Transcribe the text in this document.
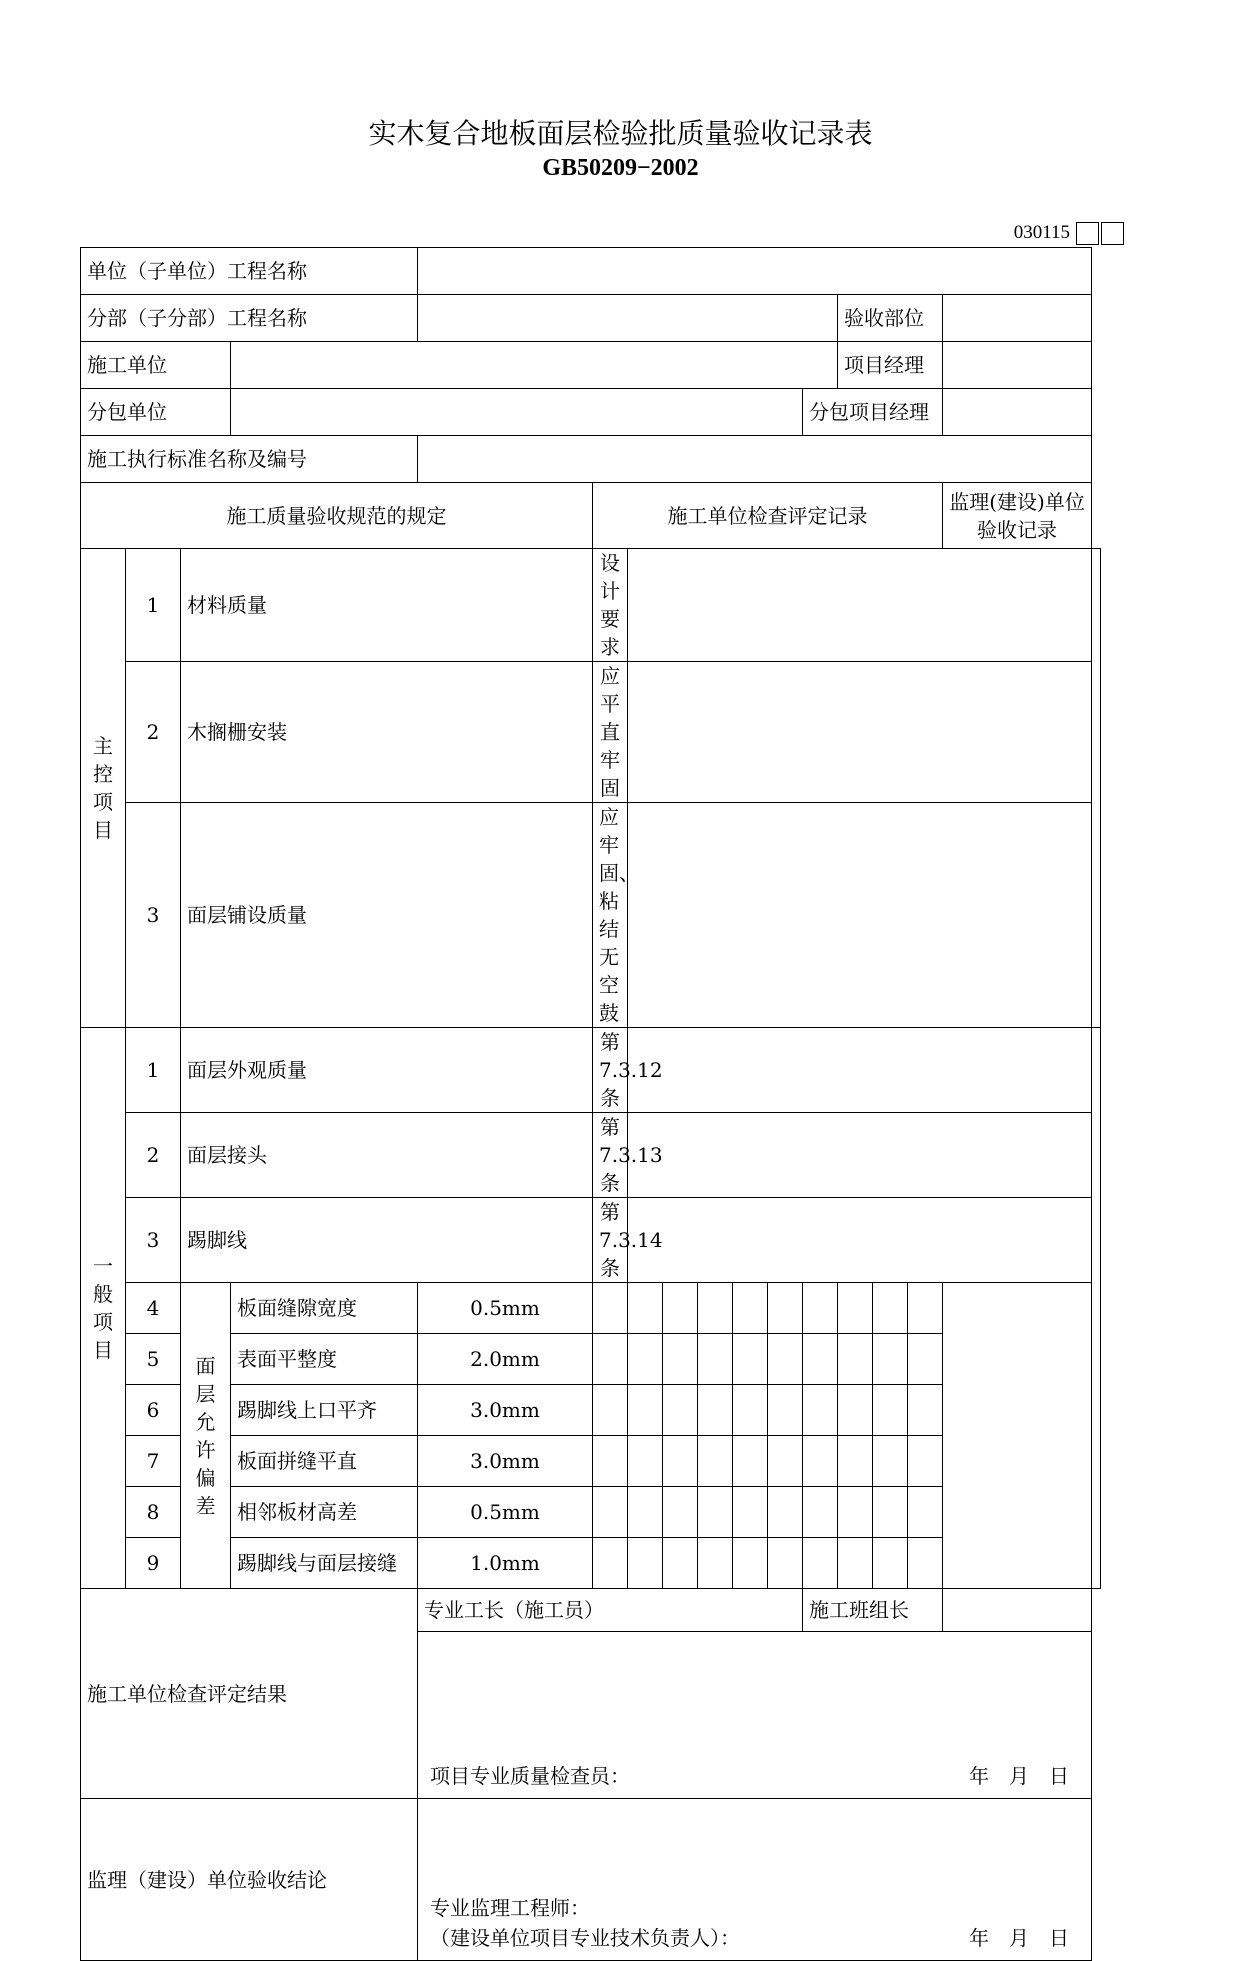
实木复合地板面层检验批质量验收记录表
GB50209−2002
030115
单位（子单位）工程名称																
分部（子分部）工程名称												验收部位				
施工单位												项目经理				
分包单位											分包项目经理					
施工执行标准名称及编号																
施工质量验收规范的规定					施工单位检查评定记录										监理(建设)单位验收记录	
主控项目	1	材料质量			设计要求											
	2	木搁栅安装			应平直牢固											
	3	面层铺设质量			应牢固、粘结无空鼓											
一般项目	1	面层外观质量			第 7.3.12 条											
	2	面层接头			第 7.3.13 条											
	3	踢脚线			第 7.3.14 条											
	4	面层允许偏差	板面缝隙宽度	0.5mm												
	5		表面平整度	2.0mm												
	6		踢脚线上口平齐	3.0mm												
	7		板面拼缝平直	3.0mm												
	8		相邻板材高差	0.5mm												
	9		踢脚线与面层接缝	1.0mm												
施工单位检查评定结果				专业工长（施工员）							施工班组长					

				项目专业质量检查员： 年　月　日												

监理（建设）单位验收结论				专业监理工程师：
（建设单位项目专业技术负责人）： 年　月　日												
